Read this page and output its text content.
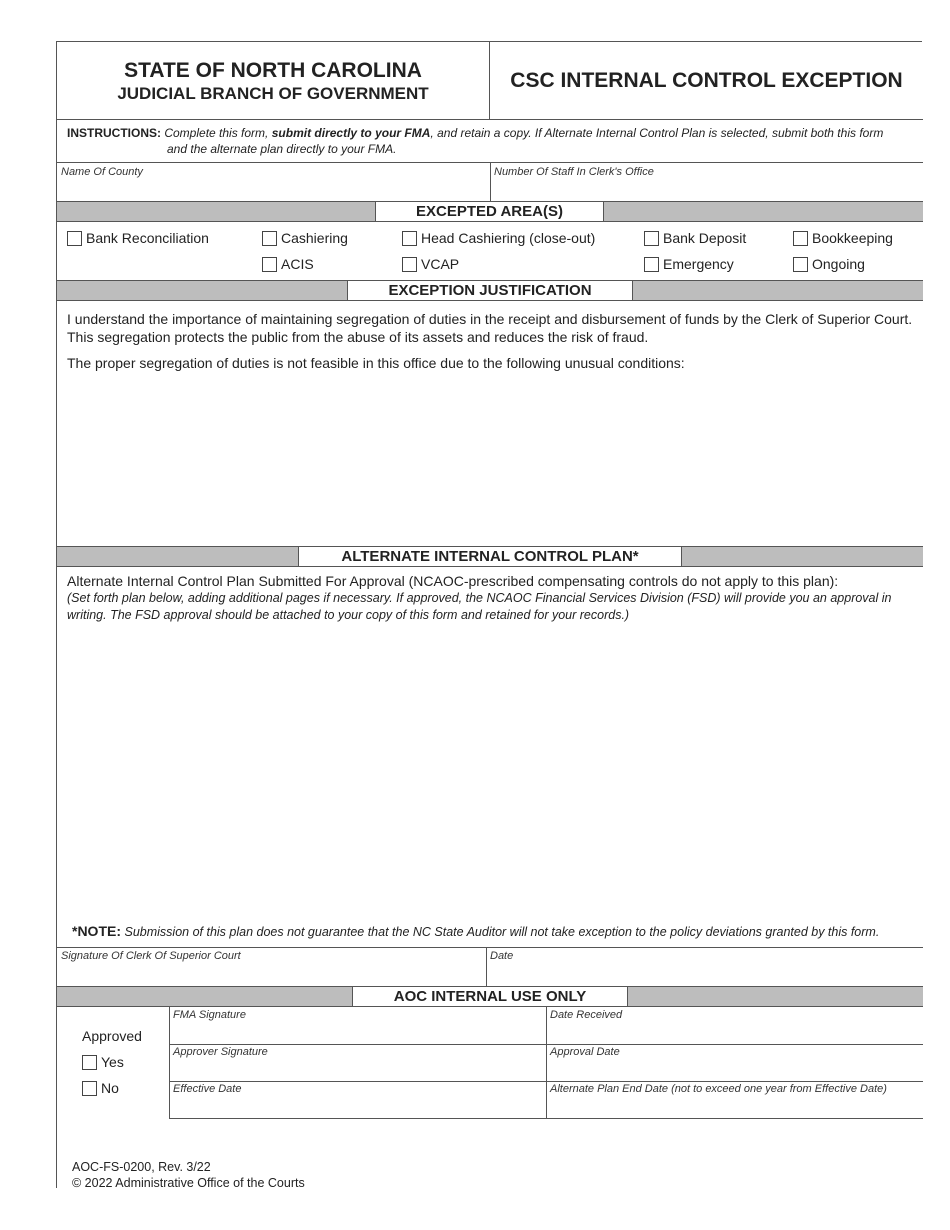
STATE OF NORTH CAROLINA
JUDICIAL BRANCH OF GOVERNMENT
CSC INTERNAL CONTROL EXCEPTION
INSTRUCTIONS: Complete this form, submit directly to your FMA, and retain a copy. If Alternate Internal Control Plan is selected, submit both this form
and the alternate plan directly to your FMA.
Name Of County	Number Of Staff In Clerk's Office
EXCEPTED AREA(S)
Bank Reconciliation	Cashiering	Head Cashiering (close-out)	Bank Deposit	Bookkeeping
ACIS	VCAP	Emergency	Ongoing
EXCEPTION JUSTIFICATION
I understand the importance of maintaining segregation of duties in the receipt and disbursement of funds by the Clerk of Superior Court.
This segregation protects the public from the abuse of its assets and reduces the risk of fraud.
The proper segregation of duties is not feasible in this office due to the following unusual conditions:
ALTERNATE INTERNAL CONTROL PLAN*
Alternate Internal Control Plan Submitted For Approval (NCAOC-prescribed compensating controls do not apply to this plan):
(Set forth plan below, adding additional pages if necessary. If approved, the NCAOC Financial Services Division (FSD) will provide you an approval in
writing. The FSD approval should be attached to your copy of this form and retained for your records.)
*NOTE: Submission of this plan does not guarantee that the NC State Auditor will not take exception to the policy deviations granted by this form.
Signature Of Clerk Of Superior Court	Date
AOC INTERNAL USE ONLY
Approved
Yes
No
FMA Signature	Date Received
Approver Signature	Approval Date
Effective Date	Alternate Plan End Date (not to exceed one year from Effective Date)
AOC-FS-0200, Rev. 3/22
© 2022 Administrative Office of the Courts
